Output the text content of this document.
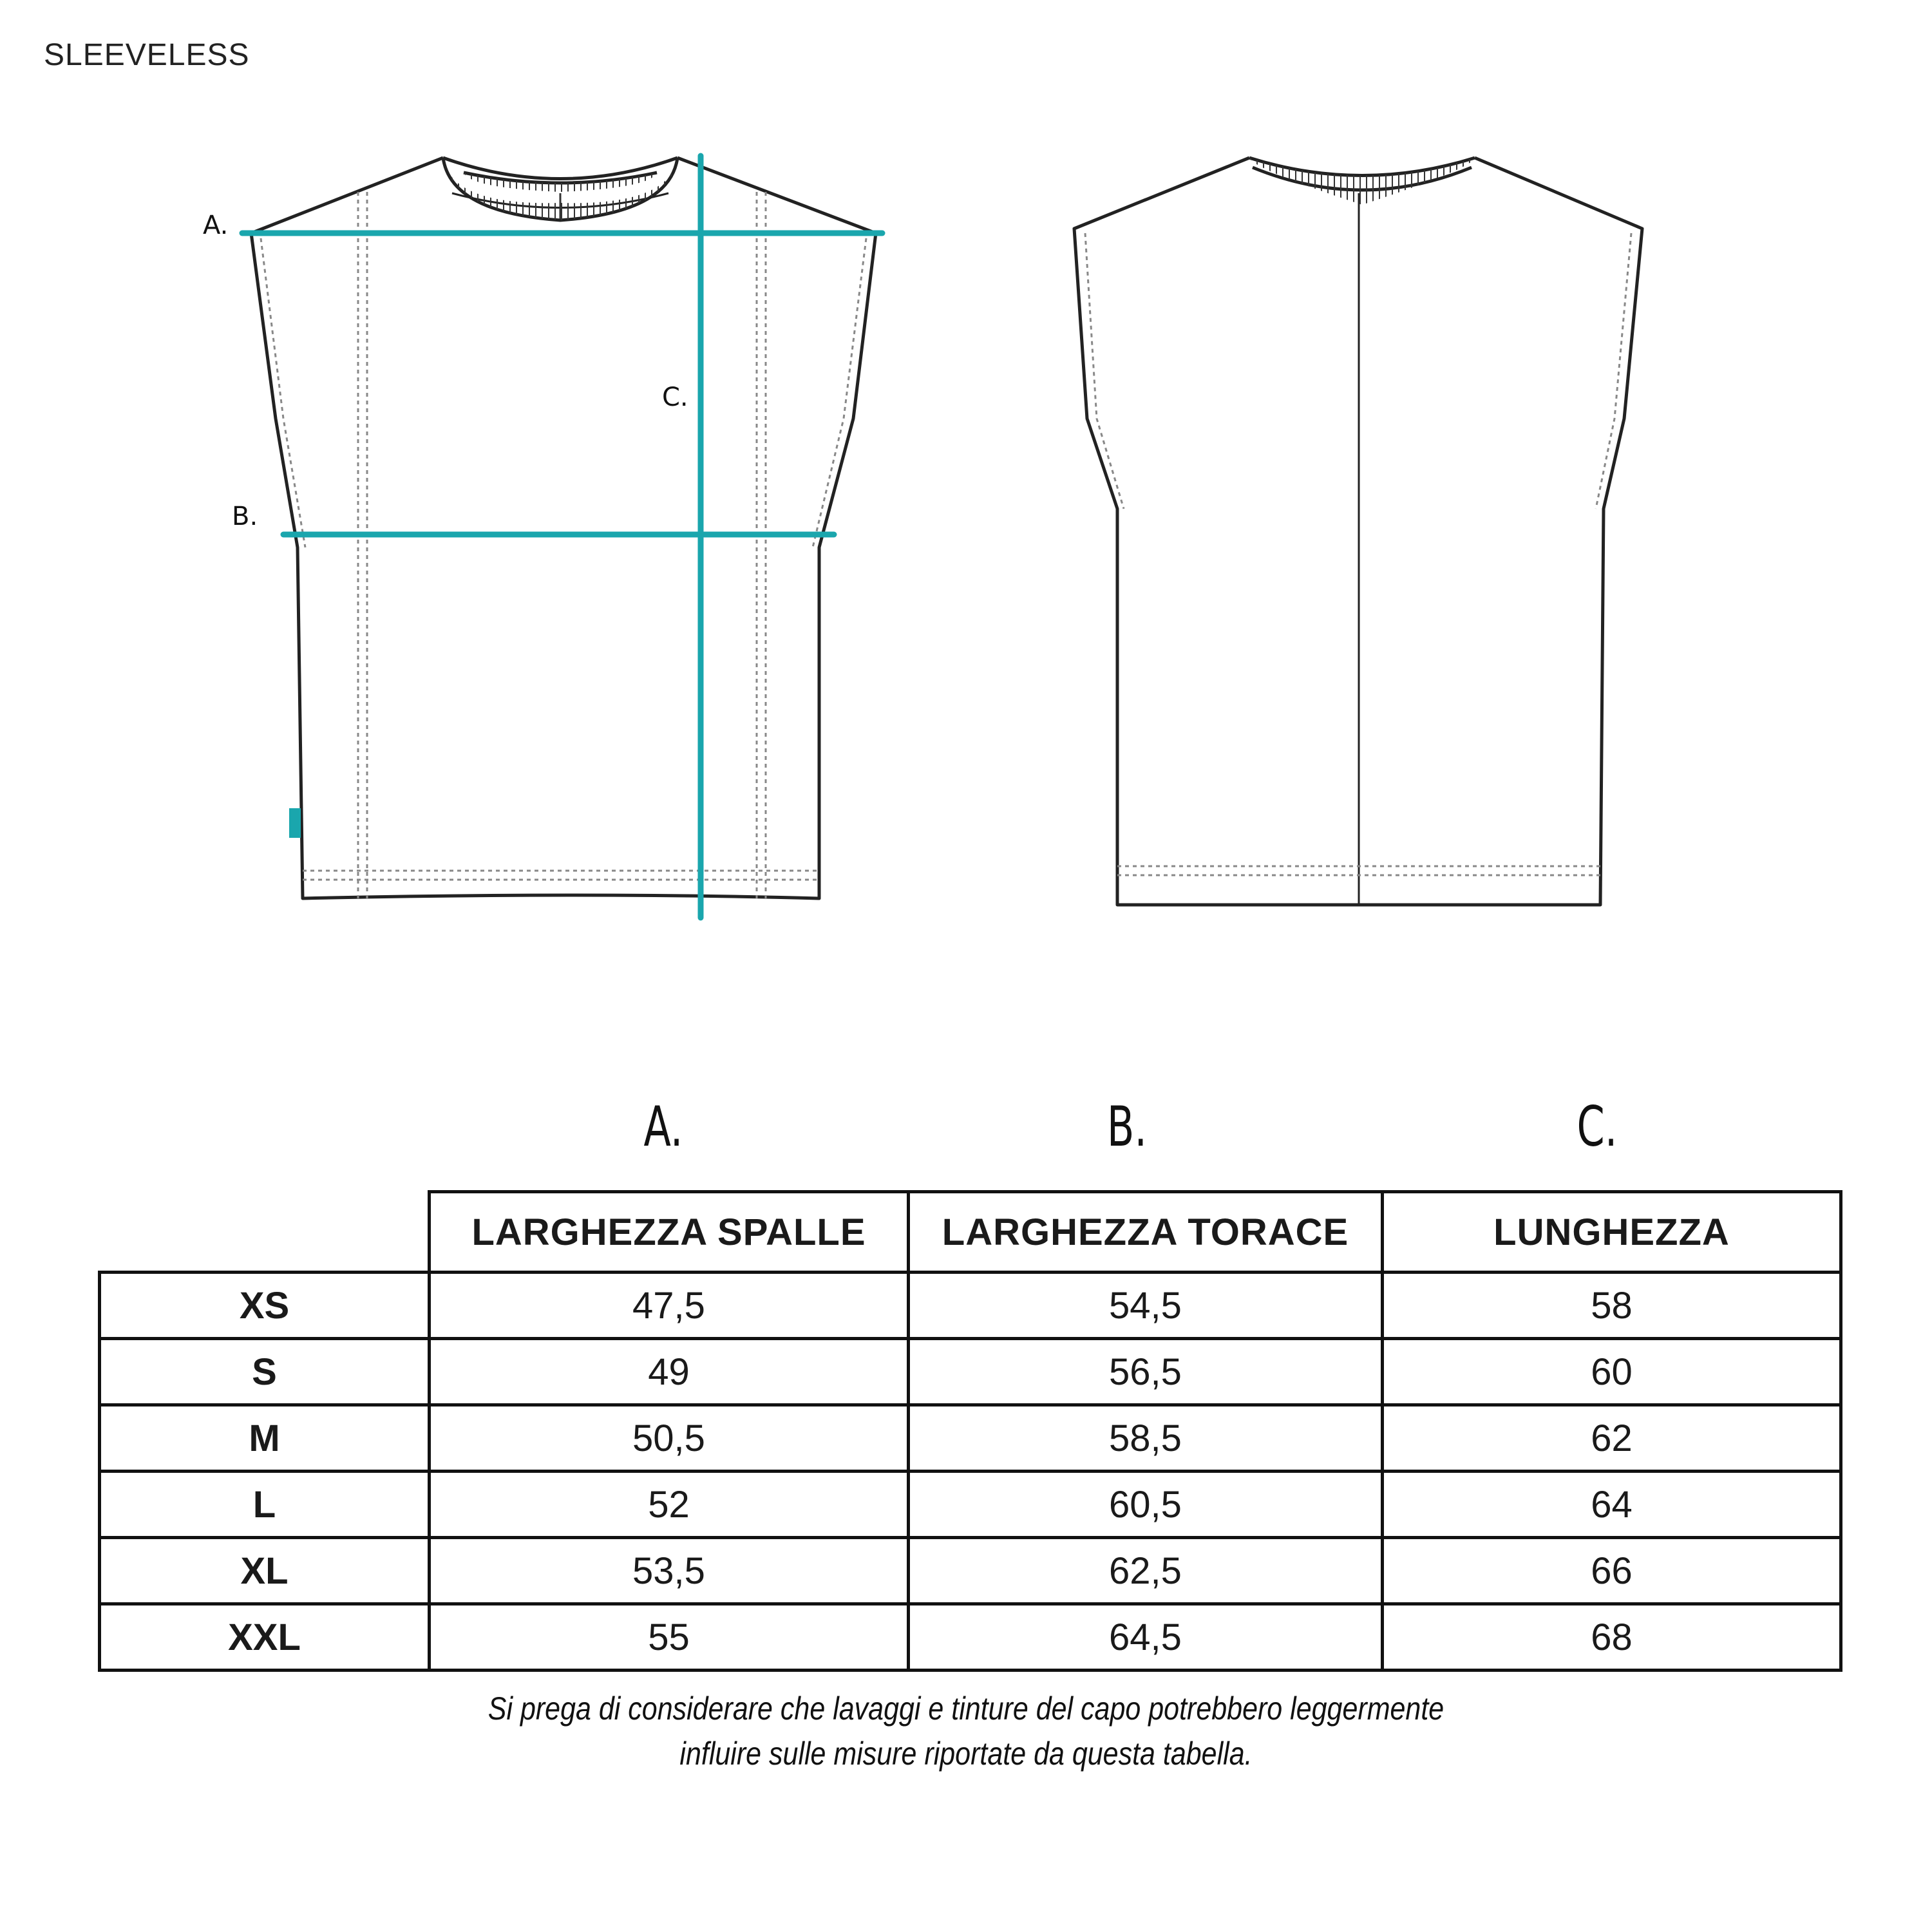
SLEEVELESS
A.
B.
C.
A.	B.	C.
	LARGHEZZA SPALLE	LARGHEZZA TORACE	LUNGHEZZA
XS	47,5	54,5	58
S	49	56,5	60
M	50,5	58,5	62
L	52	60,5	64
XL	53,5	62,5	66
XXL	55	64,5	68
Si prega di considerare che lavaggi e tinture del capo potrebbero leggermente
influire sulle misure riportate da questa tabella.
